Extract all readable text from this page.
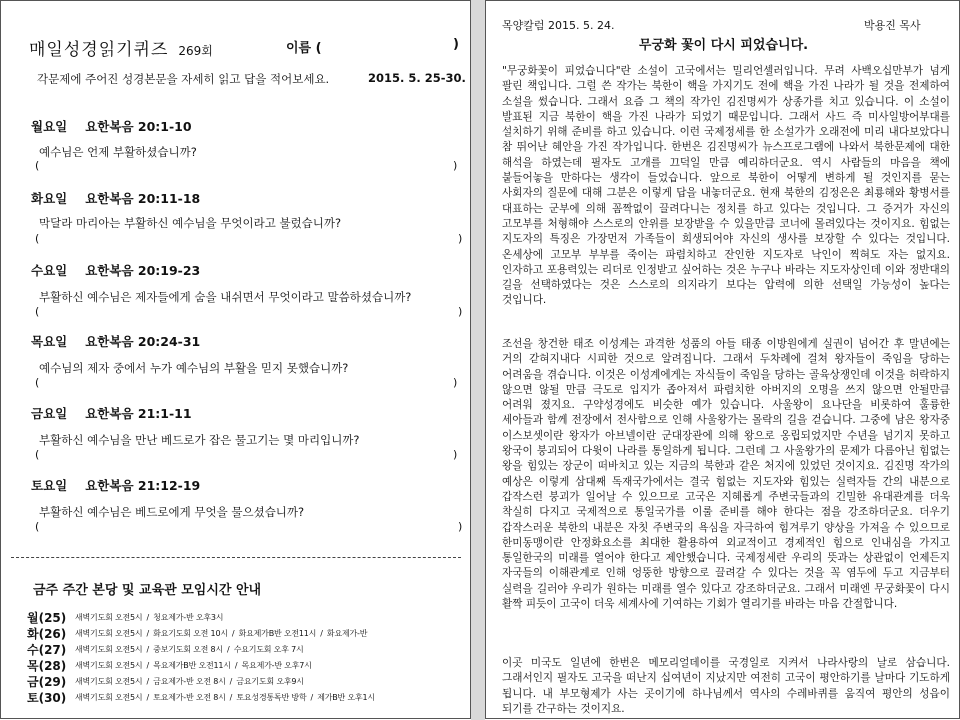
매일성경읽기퀴즈 269회	이름 (	)
각문제에 주어진 성경본문을 자세히 읽고 답을 적어보세요.	2015. 5. 25-30.
월요일 요한복음 20:1-10
예수님은 언제 부활하셨습니까?
(	)
화요일 요한복음 20:11-18
막달라 마리아는 부활하신 예수님을 무엇이라고 불렀습니까?
(	)
수요일 요한복음 20:19-23
부활하신 예수님은 제자들에게 숨을 내쉬면서 무엇이라고 말씀하셨습니까?
(	)
목요일 요한복음 20:24-31
예수님의 제자 중에서 누가 예수님의 부활을 믿지 못했습니까?
(	)
금요일 요한복음 21:1-11
부활하신 예수님을 만난 베드로가 잡은 물고기는 몇 마리입니까?
(	)
토요일 요한복음 21:12-19
부활하신 예수님은 베드로에게 무엇을 물으셨습니까?
(	)
금주 주간 본당 및 교육관 모임시간 안내
월(25) 새벽기도회 오전5시 / 청요제가-반 오후3시
화(26) 새벽기도회 오전5시 / 화요기도회 오전 10시 / 화요제가B반 오전11시 / 화요제가-반
수(27) 새벽기도회 오전5시 / 중보기도회 오전 8시 / 수요기도회 오후 7시
목(28) 새벽기도회 오전5시 / 목요제가B반 오전11시 / 목요제가-반 오후7시
금(29) 새벽기도회 오전5시 / 금요제가-반 오전 8시 / 금요기도회 오후9시
토(30) 새벽기도회 오전5시 / 토요제가-반 오전 8시 / 토요성경통독반 방학 / 제가B반 오후1시
목양칼럼 2015. 5. 24.	박용진 목사
무궁화 꽃이 다시 피었습니다.
"무궁화꽃이 피었습니다"란 소설이 고국에서는 밀리언셀러입니다. 무려 사백오십만부가 넘게 팔린 책입니다. 그럴 쓴 작가는 북한이 핵을 가지기도 전에 핵을 가진 나라가 될 것을 전제하여 소설을 썼습니다. 그래서 요즘 그 책의 작가인 김진명씨가 상종가를 치고 있습니다. 이 소설이 발표된 지금 북한이 핵을 가진 나라가 되었기 때문입니다. 그래서 사드 즉 미사일방어부대를 설치하기 위해 준비를 하고 있습니다. 이런 국제정세를 한 소설가가 오래전에 미리 내다보았다니 참 뛰어난 혜안을 가진 작가입니다. 한번은 김진명씨가 뉴스프로그램에 나와서 북한문제에 대한 해석을 하였는데 필자도 고개를 끄덕일 만큼 예리하더군요. 역시 사람들의 마음을 책에 붙들어놓을 만하다는 생각이 들었습니다. 앞으로 북한이 어떻게 변하게 될 것인지를 묻는 사회자의 질문에 대해 그분은 이렇게 답을 내놓더군요. 현재 북한의 김정은은 최룡해와 황병서를 대표하는 군부에 의해 꼼짝없이 끌려다니는 정치를 하고 있다는 것입니다. 그 증거가 자신의 고모부를 처형해야 스스로의 안위를 보장받을 수 있을만큼 코너에 몰려있다는 것이지요. 힘없는 지도자의 특징은 가장먼저 가족들이 희생되어야 자신의 생사를 보장할 수 있다는 것입니다. 온세상에 고모부 부부를 죽이는 파렴치하고 잔인한 지도자로 낙인이 찍혀도 자는 없지요. 인자하고 포용력있는 리더로 인정받고 싶어하는 것은 누구나 바라는 지도자상인데 이와 정반대의 길을 선택하였다는 것은 스스로의 의지라기 보다는 압력에 의한 선택일 가능성이 높다는 것입니다.
조선을 창건한 태조 이성계는 과격한 성품의 아들 태종 이방원에게 실권이 넘어간 후 말년에는 거의 갇혀지내다 시피한 것으로 알려집니다. 그래서 두차례에 걸쳐 왕자들이 죽임을 당하는 어려움을 겪습니다. 이것은 이성계에게는 자식들이 죽임을 당하는 골육상쟁인데 이것을 허락하지 않으면 않될 만큼 극도로 입지가 좁아져서 파렴치한 아버지의 오명을 쓰지 않으면 안될만큼 어려워 졌지요. 구약성경에도 비슷한 예가 있습니다. 사울왕이 요나단을 비롯하여 훌륭한 세아들과 함께 전장에서 전사함으로 인해 사울왕가는 몰락의 길을 걷습니다. 그중에 남은 왕자중 이스보셋이란 왕자가 아브넬이란 군대장관에 의해 왕으로 옹립되었지만 수년을 넘기지 못하고 왕국이 붕괴되어 다윗이 나라를 통일하게 됩니다. 그런데 그 사울왕가의 문제가 다름아닌 힘없는 왕을 힘있는 장군이 떠바치고 있는 지금의 북한과 같은 처지에 있었던 것이지요. 김진명 작가의 예상은 이렇게 삼대째 독재국가에서는 결국 힘없는 지도자와 힘있는 실력자들 간의 내분으로 갑작스런 붕괴가 일어날 수 있으므로 고국은 지혜롭게 주변국들과의 긴밀한 유대관계를 더욱 착실히 다지고 국제적으로 통일국가를 이룰 준비를 해야 한다는 점을 강조하더군요. 더우기 갑작스러운 북한의 내분은 자칫 주변국의 욕심을 자극하여 힘겨루기 양상을 가져올 수 있으므로 한미동맹이란 안정화요소를 최대한 활용하여 외교적이고 경제적인 힘으로 인내심을 가지고 통일한국의 미래를 열어야 한다고 제안했습니다. 국제정세란 우리의 뜻과는 상관없이 언제든지 자국들의 이해관계로 인해 엉뚱한 방향으로 끌려갈 수 있다는 것을 꼭 염두에 두고 지금부터 실력을 길러야 우리가 원하는 미래를 열수 있다고 강조하더군요. 그래서 미래엔 무궁화꽃이 다시 활짝 피듯이 고국이 더욱 세계사에 기여하는 기회가 열리기를 바라는 마음 간절합니다.
이곳 미국도 일년에 한번은 메모리얼데이를 국경일로 지켜서 나라사랑의 날로 삼습니다. 그래서인지 필자도 고국을 떠난지 십여년이 지났지만 여전히 고국이 평안하기를 날마다 기도하게 됩니다. 내 부모형제가 사는 곳이기에 하나님께서 역사의 수레바퀴를 움직여 평안의 성읍이 되기를 간구하는 것이지요.
